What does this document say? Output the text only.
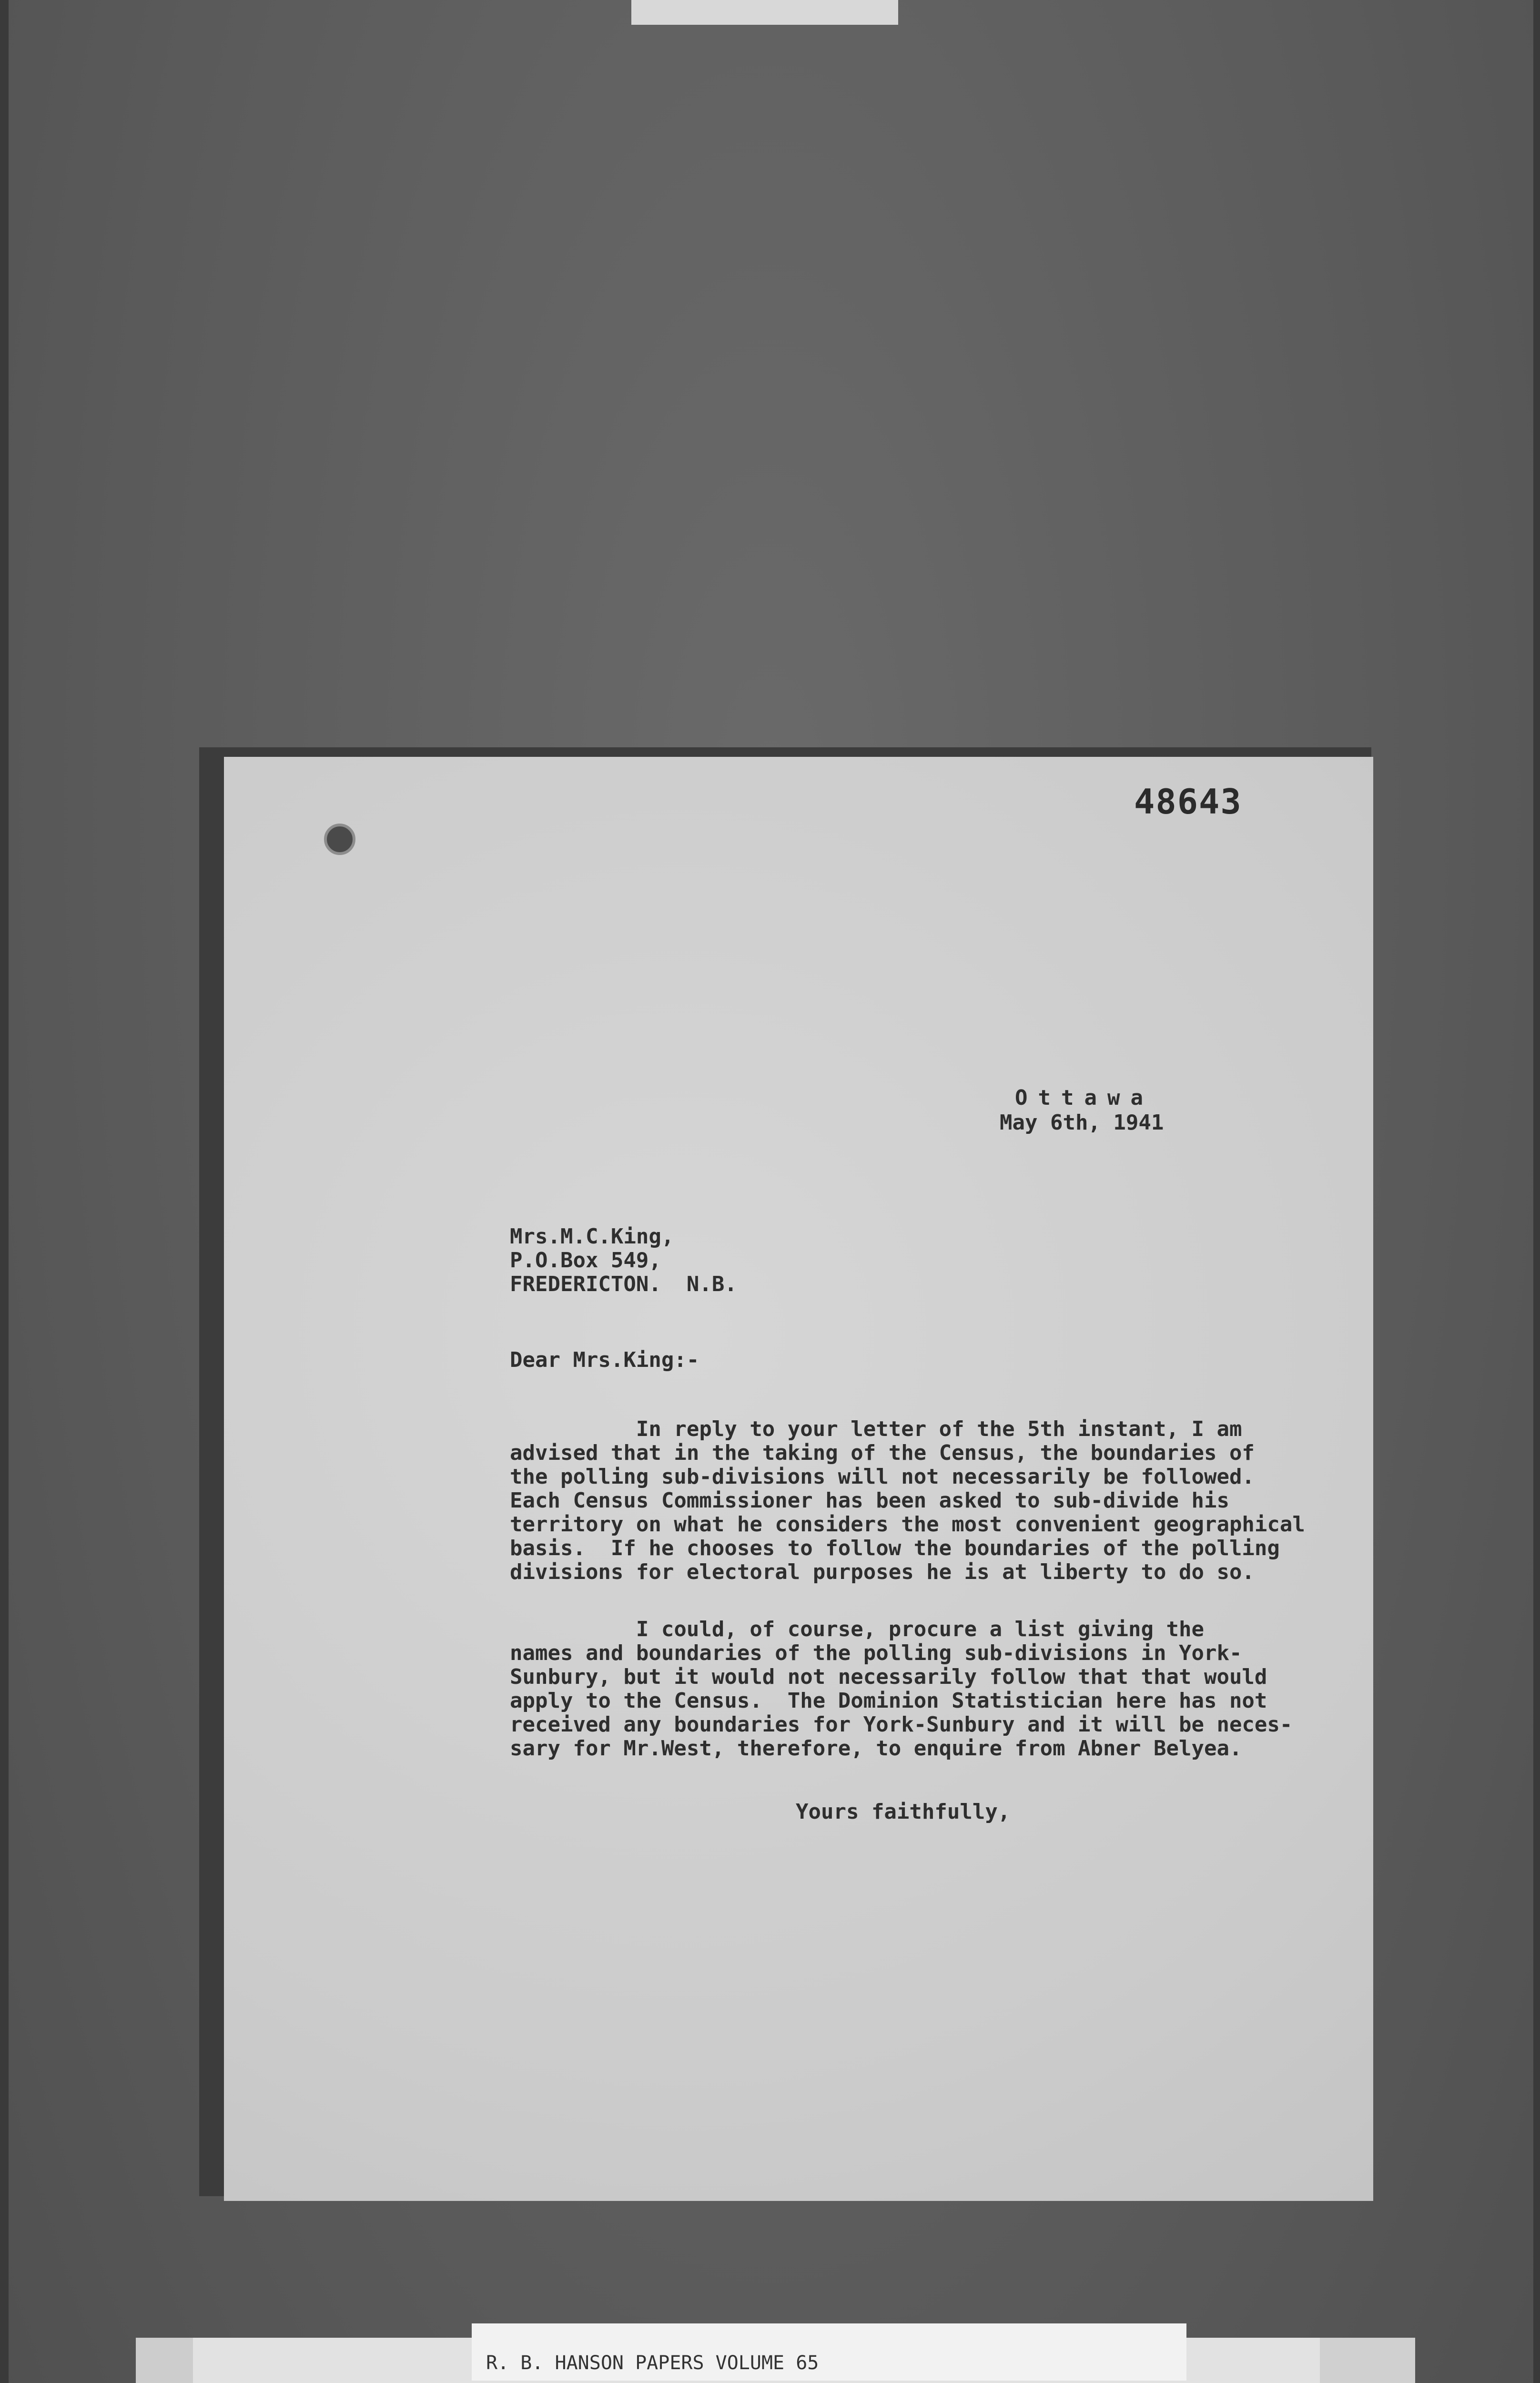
48643
Ottawa
May 6th, 1941
Mrs.M.C.King,
P.O.Box 549,
FREDERICTON.  N.B.
Dear Mrs.King:-
In reply to your letter of the 5th instant, I am
advised that in the taking of the Census, the boundaries of
the polling sub-divisions will not necessarily be followed.
Each Census Commissioner has been asked to sub-divide his
territory on what he considers the most convenient geographical
basis.  If he chooses to follow the boundaries of the polling
divisions for electoral purposes he is at liberty to do so.
I could, of course, procure a list giving the
names and boundaries of the polling sub-divisions in York-
Sunbury, but it would not necessarily follow that that would
apply to the Census.  The Dominion Statistician here has not
received any boundaries for York-Sunbury and it will be neces-
sary for Mr.West, therefore, to enquire from Abner Belyea.
Yours faithfully,
R. B. HANSON PAPERS VOLUME 65
